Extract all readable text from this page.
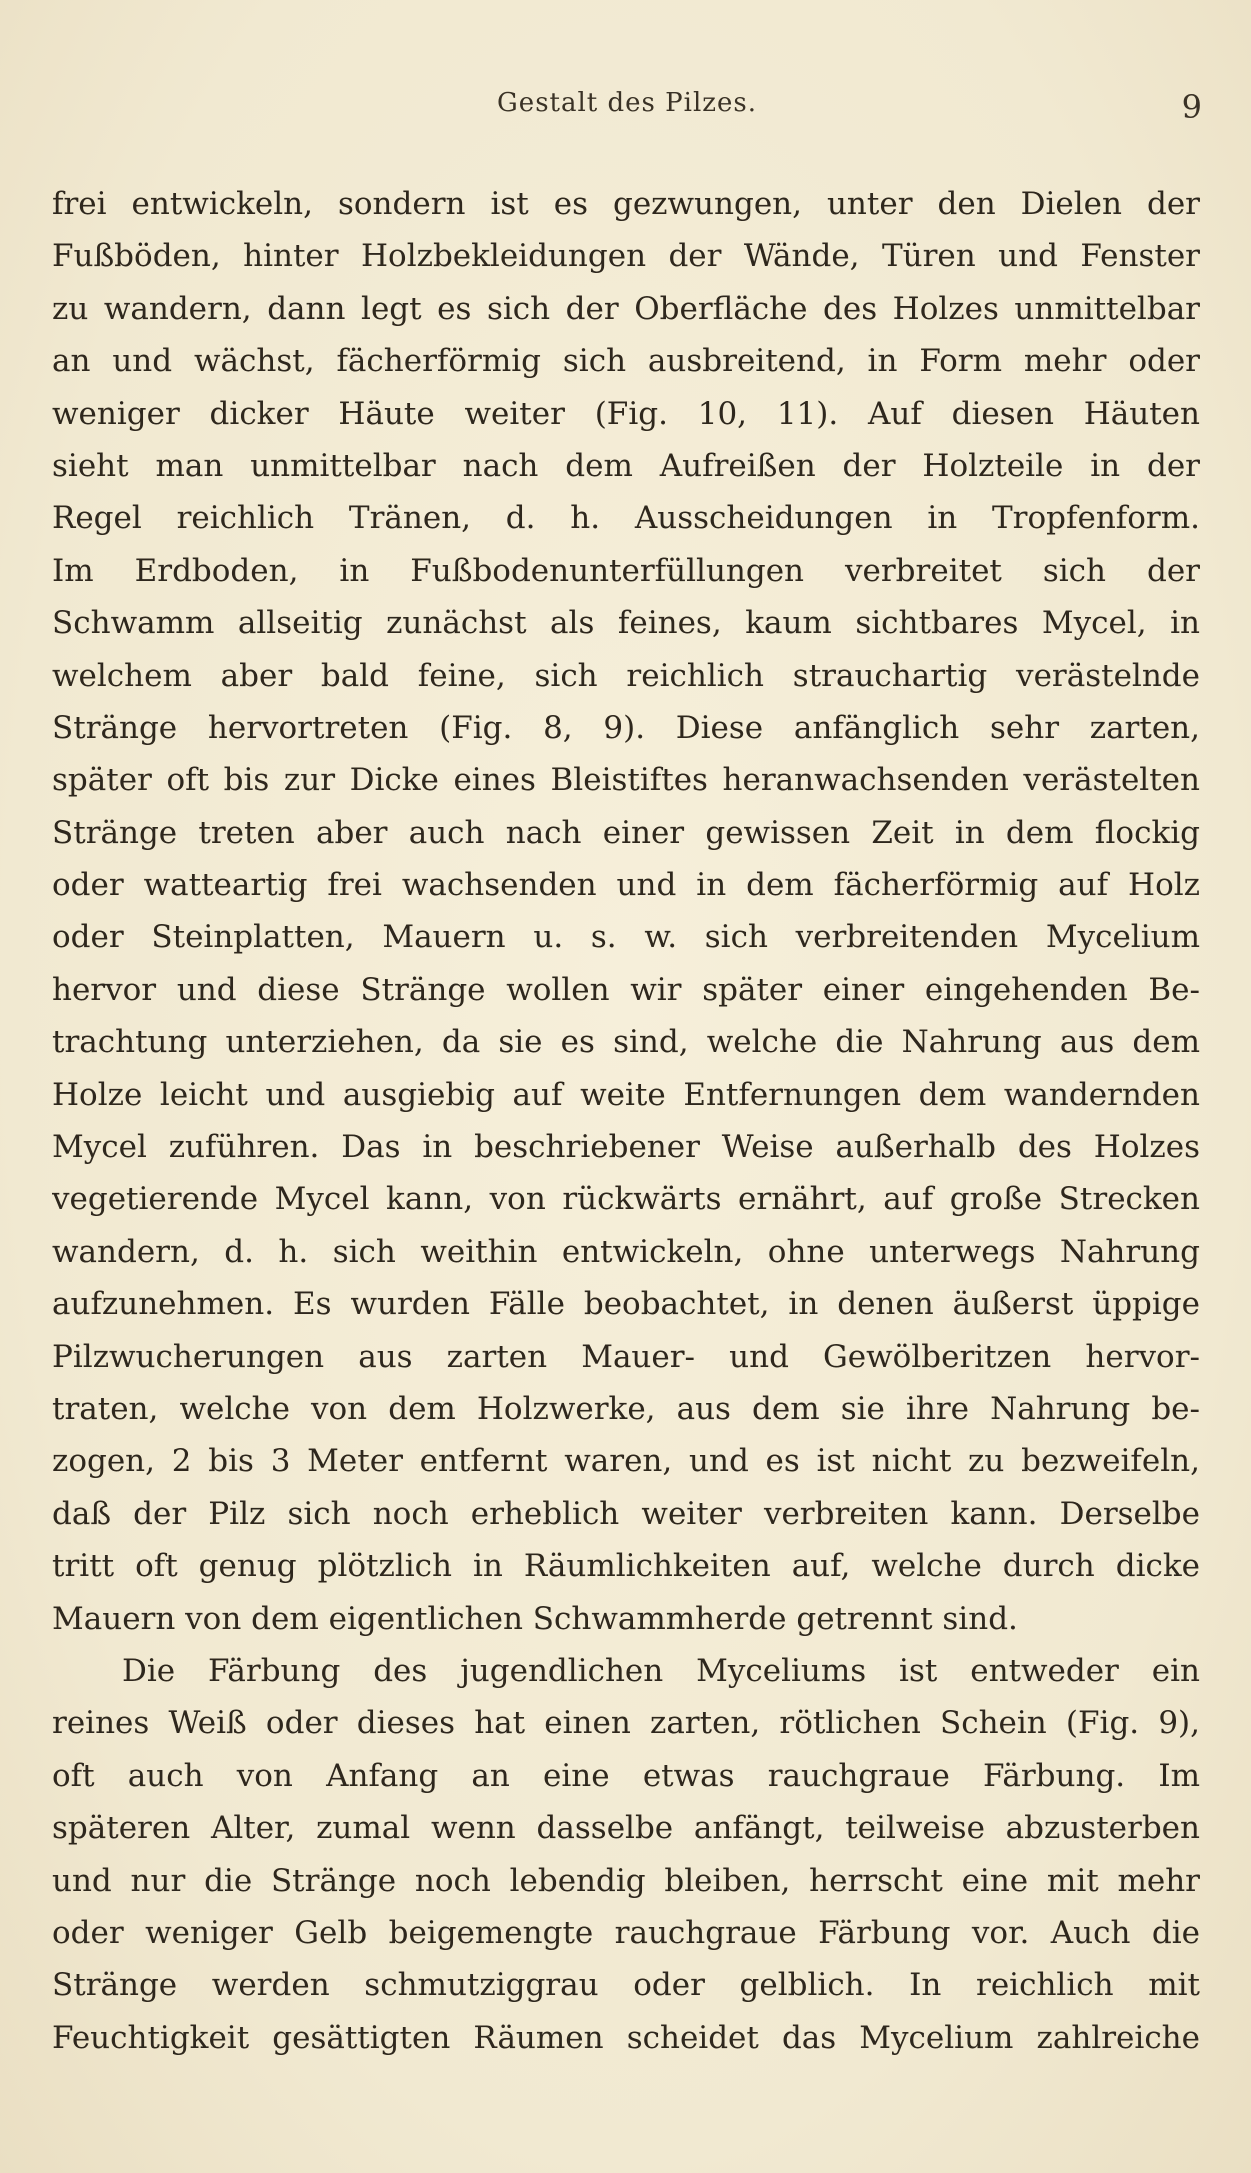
Gestalt des Pilzes.	9
frei entwickeln, sondern ist es gezwungen, unter den Dielen der
Fußböden, hinter Holzbekleidungen der Wände, Türen und Fenster
zu wandern, dann legt es sich der Oberfläche des Holzes unmittelbar
an und wächst, fächerförmig sich ausbreitend, in Form mehr oder
weniger dicker Häute weiter (Fig. 10, 11). Auf diesen Häuten
sieht man unmittelbar nach dem Aufreißen der Holzteile in der
Regel reichlich Tränen, d. h. Ausscheidungen in Tropfenform.
Im Erdboden, in Fußbodenunterfüllungen verbreitet sich der
Schwamm allseitig zunächst als feines, kaum sichtbares Mycel, in
welchem aber bald feine, sich reichlich strauchartig verästelnde
Stränge hervortreten (Fig. 8, 9). Diese anfänglich sehr zarten,
später oft bis zur Dicke eines Bleistiftes heranwachsenden verästelten
Stränge treten aber auch nach einer gewissen Zeit in dem flockig
oder watteartig frei wachsenden und in dem fächerförmig auf Holz
oder Steinplatten, Mauern u. s. w. sich verbreitenden Mycelium
hervor und diese Stränge wollen wir später einer eingehenden Be-
trachtung unterziehen, da sie es sind, welche die Nahrung aus dem
Holze leicht und ausgiebig auf weite Entfernungen dem wandernden
Mycel zuführen. Das in beschriebener Weise außerhalb des Holzes
vegetierende Mycel kann, von rückwärts ernährt, auf große Strecken
wandern, d. h. sich weithin entwickeln, ohne unterwegs Nahrung
aufzunehmen. Es wurden Fälle beobachtet, in denen äußerst üppige
Pilzwucherungen aus zarten Mauer- und Gewölberitzen hervor-
traten, welche von dem Holzwerke, aus dem sie ihre Nahrung be-
zogen, 2 bis 3 Meter entfernt waren, und es ist nicht zu bezweifeln,
daß der Pilz sich noch erheblich weiter verbreiten kann. Derselbe
tritt oft genug plötzlich in Räumlichkeiten auf, welche durch dicke
Mauern von dem eigentlichen Schwammherde getrennt sind.
Die Färbung des jugendlichen Myceliums ist entweder ein
reines Weiß oder dieses hat einen zarten, rötlichen Schein (Fig. 9),
oft auch von Anfang an eine etwas rauchgraue Färbung. Im
späteren Alter, zumal wenn dasselbe anfängt, teilweise abzusterben
und nur die Stränge noch lebendig bleiben, herrscht eine mit mehr
oder weniger Gelb beigemengte rauchgraue Färbung vor. Auch die
Stränge werden schmutziggrau oder gelblich. In reichlich mit
Feuchtigkeit gesättigten Räumen scheidet das Mycelium zahlreiche
